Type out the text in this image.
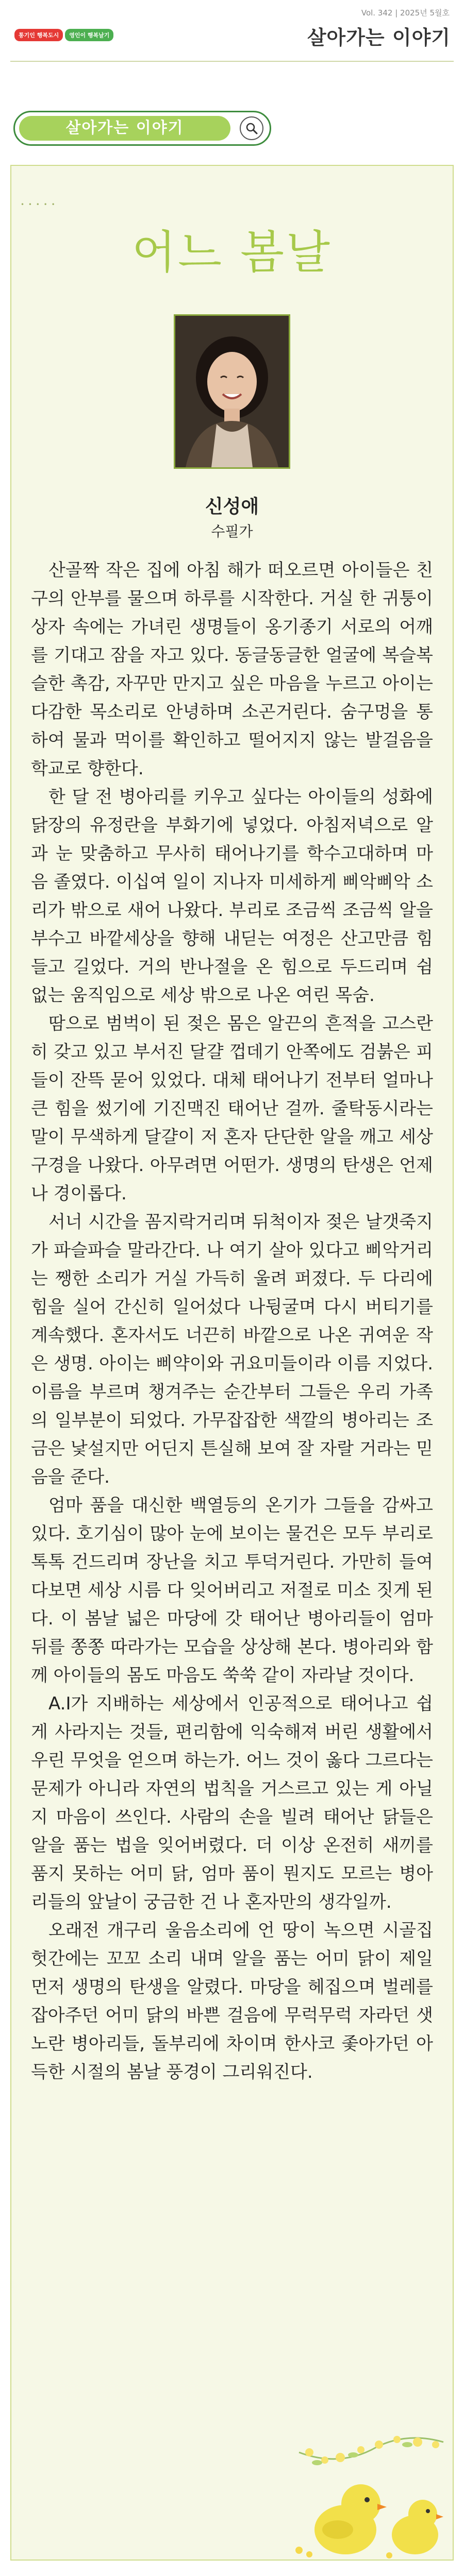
통기인 행복도시	영인이 행복날기
Vol. 342 | 2025년 5월호
살아가는 이야기
살아가는 이야기
• • • • •
어느 봄날
신성애
수필가

산골짝 작은 집에 아침 해가 떠오르면 아이들은 친구의 안부를 물으며 하루를 시작한다. 거실 한 귀퉁이 상자 속에는 가녀린 생명들이 옹기종기 서로의 어깨를 기대고 잠을 자고 있다. 동글동글한 얼굴에 복슬복슬한 촉감, 자꾸만 만지고 싶은 마음을 누르고 아이는 다감한 목소리로 안녕하며 소곤거린다. 숨구멍을 통하여 물과 먹이를 확인하고 떨어지지 않는 발걸음을 학교로 향한다.

한 달 전 병아리를 키우고 싶다는 아이들의 성화에 닭장의 유정란을 부화기에 넣었다. 아침저녁으로 알과 눈 맞춤하고 무사히 태어나기를 학수고대하며 마음 졸였다. 이십여 일이 지나자 미세하게 삐악삐악 소리가 밖으로 새어 나왔다. 부리로 조금씩 조금씩 알을 부수고 바깥세상을 향해 내딛는 여정은 산고만큼 힘들고 길었다. 거의 반나절을 온 힘으로 두드리며 쉼 없는 움직임으로 세상 밖으로 나온 여린 목숨.

땀으로 범벅이 된 젖은 몸은 알끈의 흔적을 고스란히 갖고 있고 부서진 달걀 껍데기 안쪽에도 검붉은 피들이 잔뜩 묻어 있었다. 대체 태어나기 전부터 얼마나 큰 힘을 썼기에 기진맥진 태어난 걸까. 줄탁동시라는 말이 무색하게 달걀이 저 혼자 단단한 알을 깨고 세상 구경을 나왔다. 아무려면 어떤가. 생명의 탄생은 언제나 경이롭다.

서너 시간을 꼼지락거리며 뒤척이자 젖은 날갯죽지가 파슬파슬 말라간다. 나 여기 살아 있다고 삐악거리는 쨍한 소리가 거실 가득히 울려 퍼졌다. 두 다리에 힘을 실어 간신히 일어섰다 나뒹굴며 다시 버티기를 계속했다. 혼자서도 너끈히 바깥으로 나온 귀여운 작은 생명. 아이는 삐약이와 귀요미들이라 이름 지었다. 이름을 부르며 챙겨주는 순간부터 그들은 우리 가족의 일부분이 되었다. 가무잡잡한 색깔의 병아리는 조금은 낯설지만 어딘지 튼실해 보여 잘 자랄 거라는 믿음을 준다.

엄마 품을 대신한 백열등의 온기가 그들을 감싸고 있다. 호기심이 많아 눈에 보이는 물건은 모두 부리로 톡톡 건드리며 장난을 치고 투덕거린다. 가만히 들여다보면 세상 시름 다 잊어버리고 저절로 미소 짓게 된다. 이 봄날 넓은 마당에 갓 태어난 병아리들이 엄마 뒤를 쫑쫑 따라가는 모습을 상상해 본다. 병아리와 함께 아이들의 몸도 마음도 쑥쑥 같이 자라날 것이다.

A.I가 지배하는 세상에서 인공적으로 태어나고 쉽게 사라지는 것들, 편리함에 익숙해져 버린 생활에서 우린 무엇을 얻으며 하는가. 어느 것이 옳다 그르다는 문제가 아니라 자연의 법칙을 거스르고 있는 게 아닐지 마음이 쓰인다. 사람의 손을 빌려 태어난 닭들은 알을 품는 법을 잊어버렸다. 더 이상 온전히 새끼를 품지 못하는 어미 닭, 엄마 품이 뭔지도 모르는 병아리들의 앞날이 궁금한 건 나 혼자만의 생각일까.

오래전 개구리 울음소리에 언 땅이 녹으면 시골집 헛간에는 꼬꼬 소리 내며 알을 품는 어미 닭이 제일 먼저 생명의 탄생을 알렸다. 마당을 헤집으며 벌레를 잡아주던 어미 닭의 바쁜 걸음에 무럭무럭 자라던 샛노란 병아리들, 돌부리에 차이며 한사코 좇아가던 아득한 시절의 봄날 풍경이 그리워진다.
